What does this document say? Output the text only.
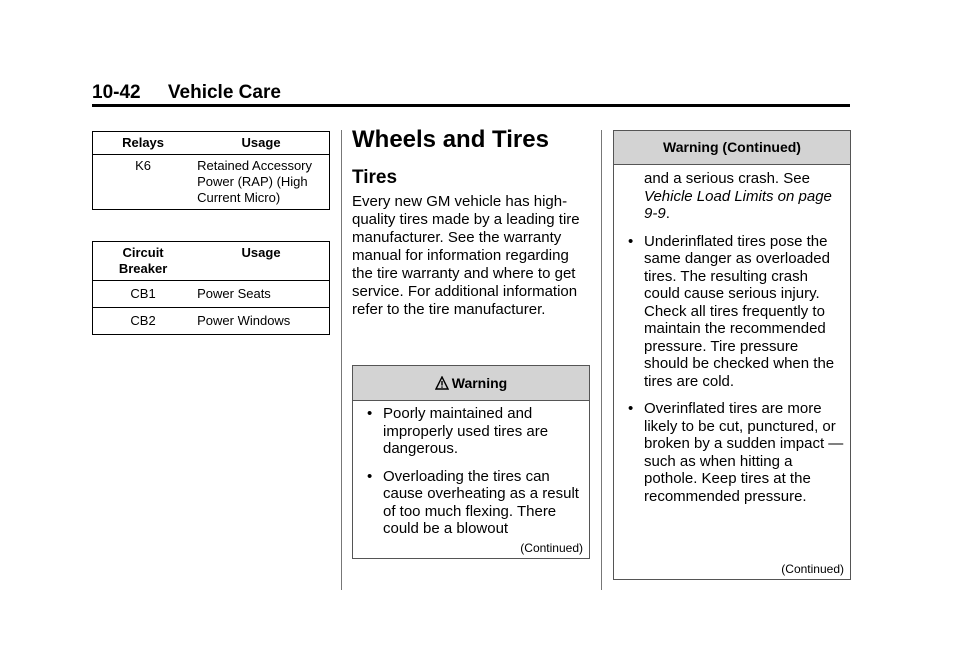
10-42 Vehicle Care
Relays	Usage
K6	Retained Accessory Power (RAP) (High Current Micro)
Circuit Breaker	Usage
CB1	Power Seats
CB2	Power Windows
Wheels and Tires
Tires
Every new GM vehicle has high-quality tires made by a leading tire manufacturer. See the warranty manual for information regarding the tire warranty and where to get service. For additional information refer to the tire manufacturer.
Warning
• Poorly maintained and improperly used tires are dangerous.
• Overloading the tires can cause overheating as a result of too much flexing. There could be a blowout
(Continued)
Warning (Continued)
and a serious crash. See Vehicle Load Limits on page 9-9.
• Underinflated tires pose the same danger as overloaded tires. The resulting crash could cause serious injury. Check all tires frequently to maintain the recommended pressure. Tire pressure should be checked when the tires are cold.
• Overinflated tires are more likely to be cut, punctured, or broken by a sudden impact — such as when hitting a pothole. Keep tires at the recommended pressure.
(Continued)
